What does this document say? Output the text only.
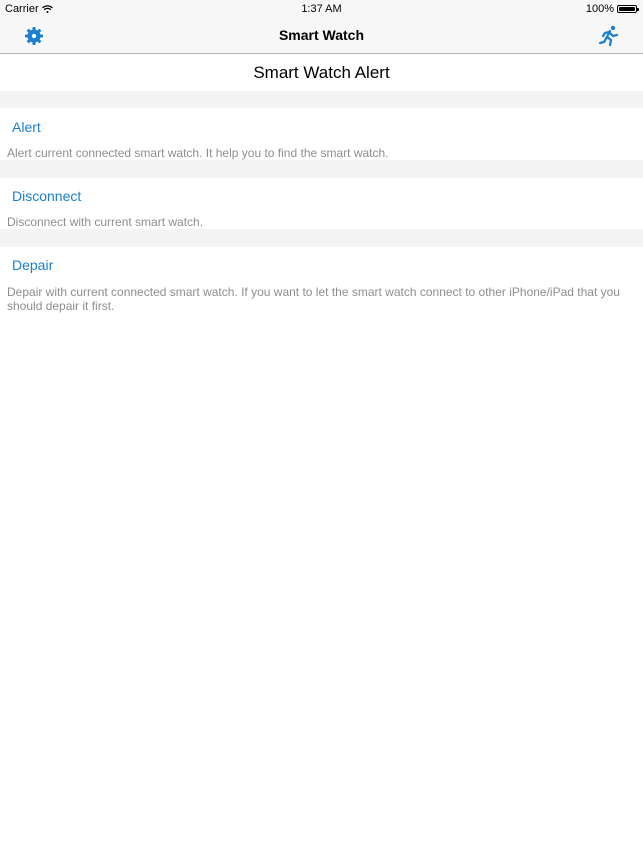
Carrier	1:37 AM	100%
Smart Watch
Smart Watch Alert
Alert
Alert current connected smart watch. It help you to find the smart watch.
Disconnect
Disconnect with current smart watch.
Depair
Depair with current connected smart watch. If you want to let the smart watch connect to other iPhone/iPad that you should depair it first.
